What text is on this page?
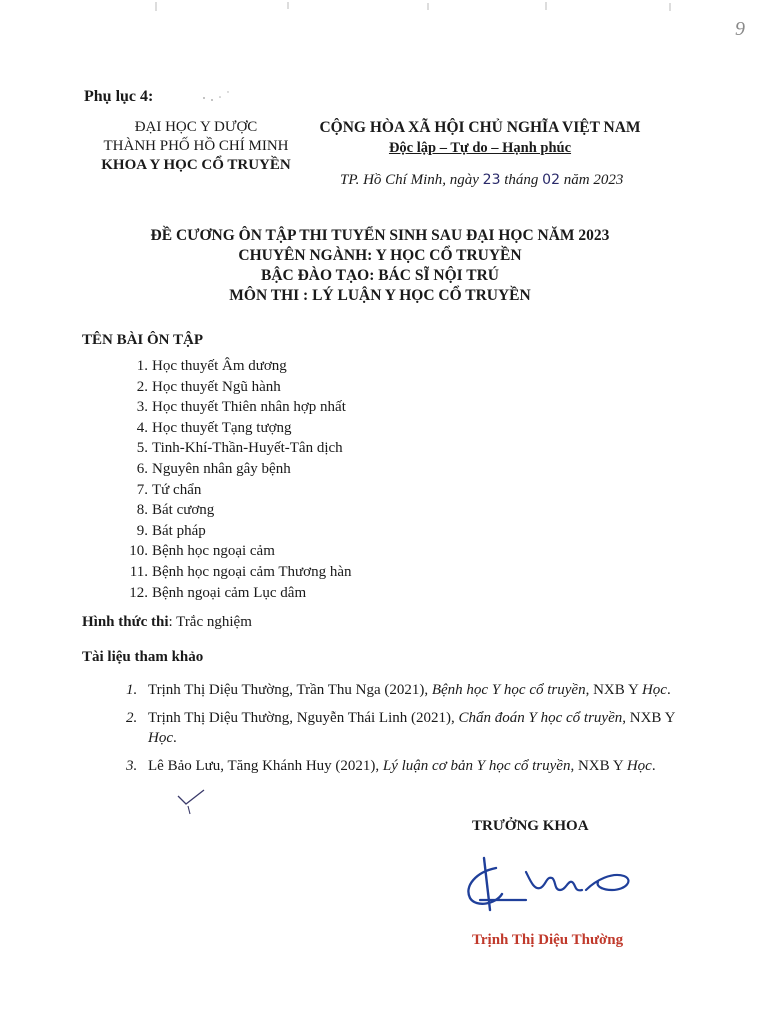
9
Phụ lục 4:
ĐẠI HỌC Y DƯỢC
THÀNH PHỐ HỒ CHÍ MINH
KHOA Y HỌC CỔ TRUYỀN
CỘNG HÒA XÃ HỘI CHỦ NGHĨA VIỆT NAM
Độc lập – Tự do – Hạnh phúc
TP. Hồ Chí Minh, ngày 23 tháng 02 năm 2023
ĐỀ CƯƠNG ÔN TẬP THI TUYỂN SINH SAU ĐẠI HỌC NĂM 2023
CHUYÊN NGÀNH: Y HỌC CỔ TRUYỀN
BẬC ĐÀO TẠO: BÁC SĨ NỘI TRÚ
MÔN THI : LÝ LUẬN Y HỌC CỔ TRUYỀN
TÊN BÀI ÔN TẬP
1. Học thuyết Âm dương
2. Học thuyết Ngũ hành
3. Học thuyết Thiên nhân hợp nhất
4. Học thuyết Tạng tượng
5. Tinh-Khí-Thần-Huyết-Tân dịch
6. Nguyên nhân gây bệnh
7. Tứ chẩn
8. Bát cương
9. Bát pháp
10. Bệnh học ngoại cảm
11. Bệnh học ngoại cảm Thương hàn
12. Bệnh ngoại cảm Lục dâm
Hình thức thi: Trắc nghiệm
Tài liệu tham khảo
1. Trịnh Thị Diệu Thường, Trần Thu Nga (2021), Bệnh học Y học cổ truyền, NXB Y Học.
2. Trịnh Thị Diệu Thường, Nguyễn Thái Linh (2021), Chẩn đoán Y học cổ truyền, NXB Y Học.
3. Lê Bảo Lưu, Tăng Khánh Huy (2021), Lý luận cơ bản Y học cổ truyền, NXB Y Học.
TRƯỞNG KHOA
Trịnh Thị Diệu Thường
